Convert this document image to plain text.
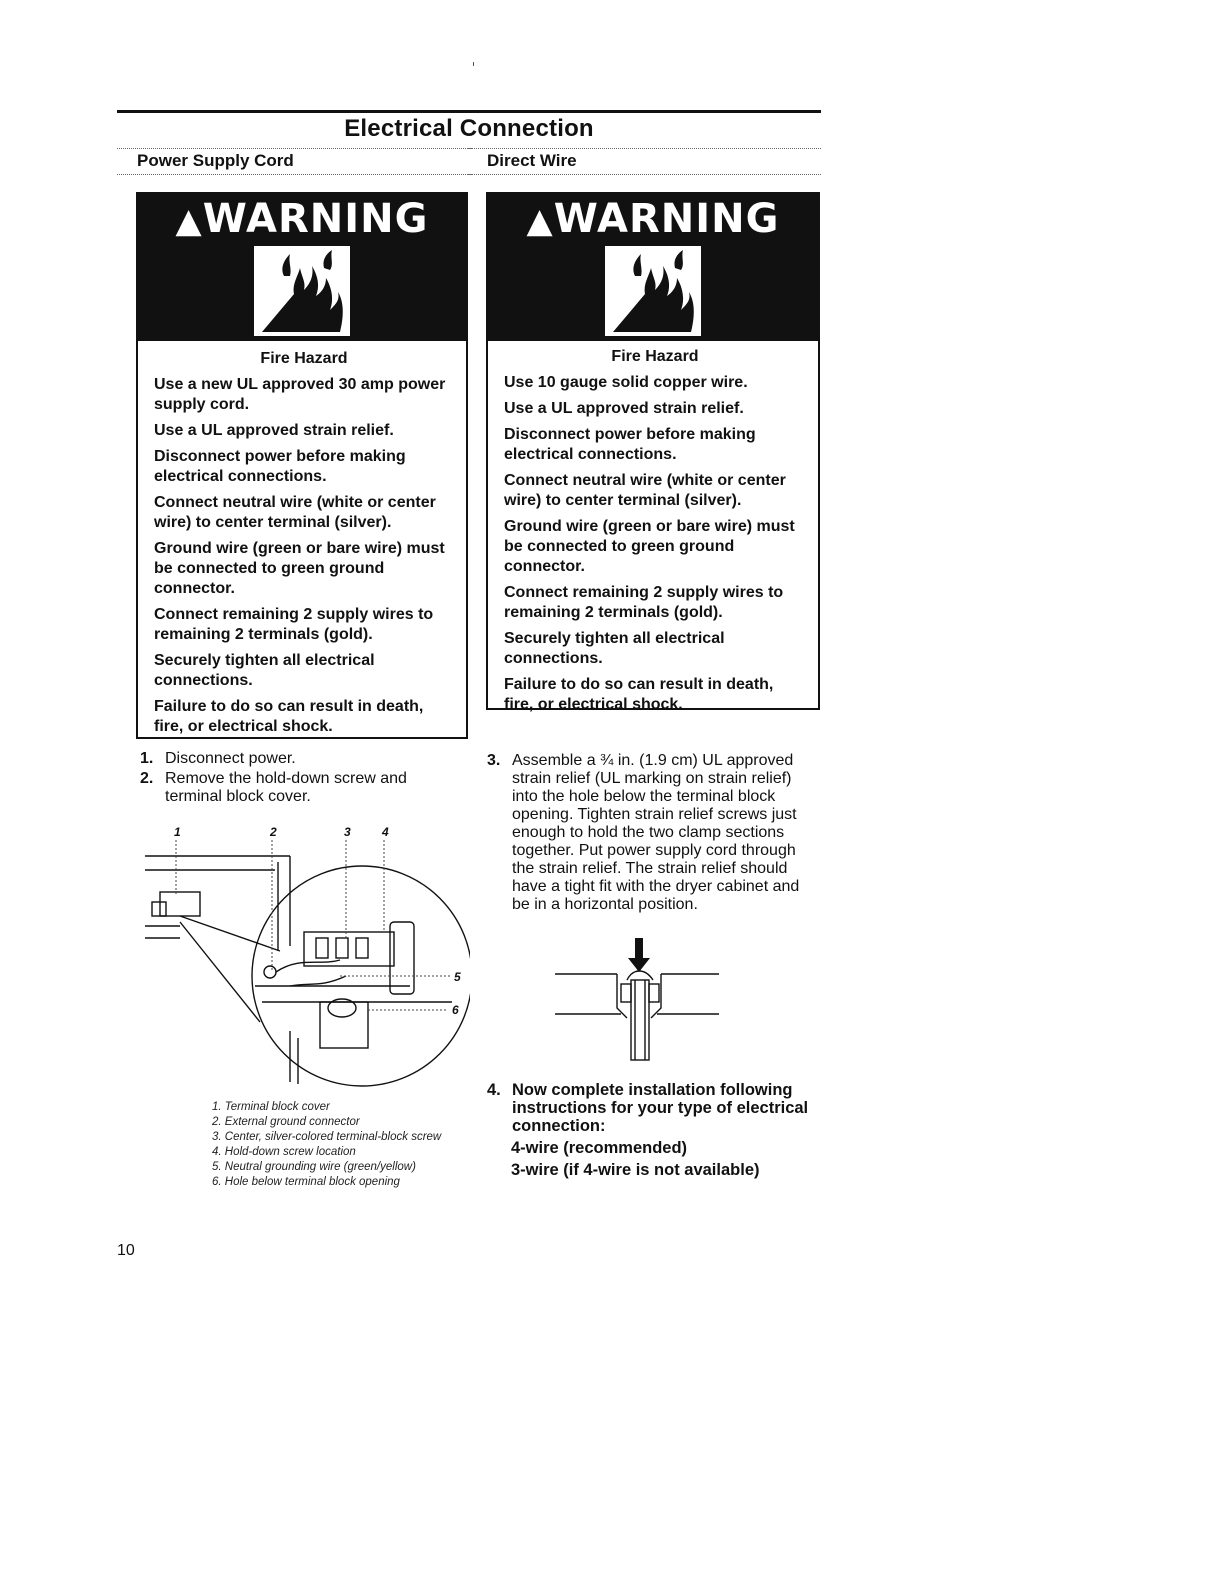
Electrical Connection
Power Supply Cord	Direct Wire
▲WARNING
Fire Hazard

Use a new UL approved 30 amp power supply cord.

Use a UL approved strain relief.

Disconnect power before making electrical connections.

Connect neutral wire (white or center wire) to center terminal (silver).

Ground wire (green or bare wire) must be connected to green ground connector.

Connect remaining 2 supply wires to remaining 2 terminals (gold).

Securely tighten all electrical connections.

Failure to do so can result in death, fire, or electrical shock.

▲WARNING
Fire Hazard

Use 10 gauge solid copper wire.

Use a UL approved strain relief.

Disconnect power before making electrical connections.

Connect neutral wire (white or center wire) to center terminal (silver).

Ground wire (green or bare wire) must be connected to green ground connector.

Connect remaining 2 supply wires to remaining 2 terminals (gold).

Securely tighten all electrical connections.

Failure to do so can result in death, fire, or electrical shock.

1. Disconnect power.
2. Remove the hold-down screw and terminal block cover.
1	2	3	4
5
6
1. Terminal block cover
2. External ground connector
3. Center, silver-colored terminal-block screw
4. Hold-down screw location
5. Neutral grounding wire (green/yellow)
6. Hole below terminal block opening
3. Assemble a ¾ in. (1.9 cm) UL approved strain relief (UL marking on strain relief) into the hole below the terminal block opening. Tighten strain relief screws just enough to hold the two clamp sections together. Put power supply cord through the strain relief. The strain relief should have a tight fit with the dryer cabinet and be in a horizontal position.
4. Now complete installation following instructions for your type of electrical connection:
4-wire (recommended)
3-wire (if 4-wire is not available)
10
